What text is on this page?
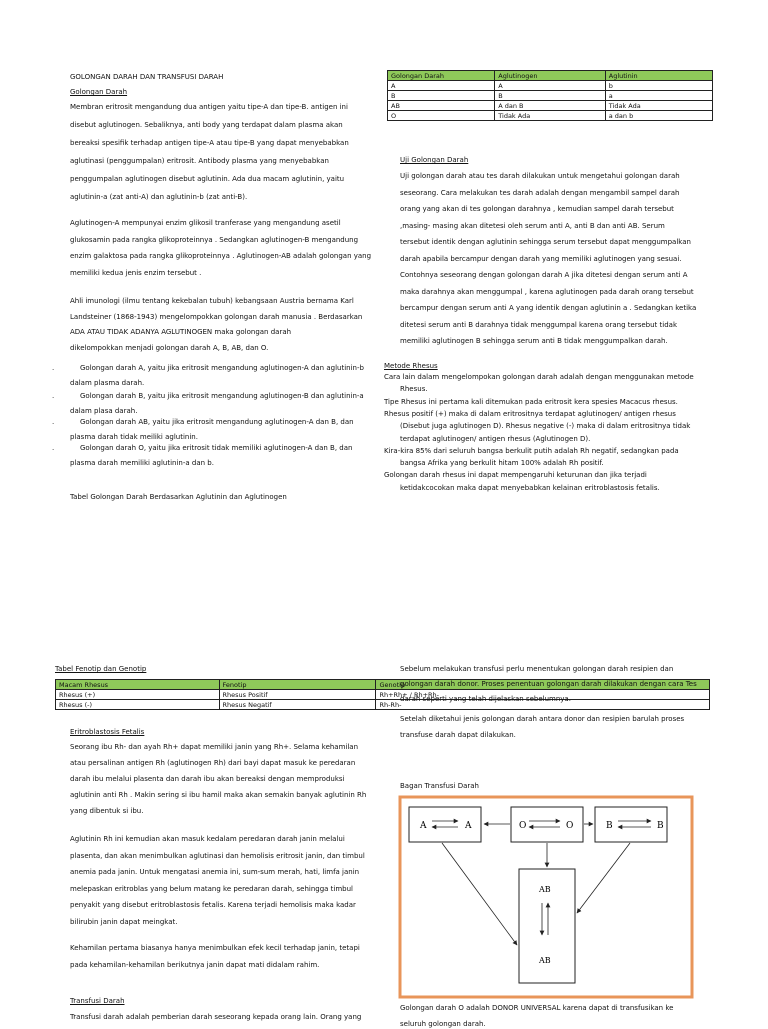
GOLONGAN DARAH DAN TRANSFUSI DARAH
Golongan Darah
Membran eritrosit mengandung dua antigen yaitu tipe-A dan tipe-B. antigen ini
disebut aglutinogen. Sebaliknya, anti body yang terdapat dalam plasma akan
bereaksi spesifik terhadap antigen tipe-A atau tipe-B yang dapat menyebabkan
aglutinasi (penggumpalan) eritrosit. Antibody plasma yang menyebabkan
penggumpalan aglutinogen disebut aglutinin. Ada dua macam aglutinin, yaitu
aglutinin-a (zat anti-A) dan aglutinin-b (zat anti-B).
Aglutinogen-A mempunyai enzim glikosil tranferase yang mengandung asetil
glukosamin pada rangka glikoproteinnya . Sedangkan aglutinogen-B mengandung
enzim galaktosa pada rangka glikoproteinnya . Aglutinogen-AB adalah golongan yang
memiliki kedua jenis enzim tersebut .
Ahli imunologi (ilmu tentang kekebalan tubuh) kebangsaan Austria bernama Karl
Landsteiner (1868-1943) mengelompokkan golongan darah manusia . Berdasarkan
ADA ATAU TIDAK ADANYA AGLUTINOGEN maka golongan darah
dikelompokkan menjadi golongan darah A, B, AB, dan O.
·	Golongan darah A, yaitu jika eritrosit mengandung aglutinogen-A dan aglutinin-b
dalam plasma darah.
·	Golongan darah B, yaitu jika eritrosit mengandung aglutinogen-B dan aglutinin-a
dalam plasa darah.
·	Golongan darah AB, yaitu jika eritrosit mengandung aglutinogen-A dan B, dan
plasma darah tidak meiliki aglutinin.
·	Golongan darah O, yaitu jika eritrosit tidak memiliki aglutinogen-A dan B, dan
plasma darah memiliki aglutinin-a dan b.
Tabel Golongan Darah Berdasarkan Aglutinin dan Aglutinogen
Golongan Darah	Aglutinogen	Aglutinin
A	A	b
B	B	a
AB	A dan B	Tidak Ada
O	Tidak Ada	a dan b
Uji Golongan Darah
Uji golongan darah atau tes darah dilakukan untuk mengetahui golongan darah
seseorang. Cara melakukan tes darah adalah dengan mengambil sampel darah
orang yang akan di tes golongan darahnya , kemudian sampel darah tersebut
,masing- masing akan ditetesi oleh serum anti A, anti B dan anti AB. Serum
tersebut identik dengan aglutinin sehingga serum tersebut dapat menggumpalkan
darah apabila bercampur dengan darah yang memiliki aglutinogen yang sesuai.
Contohnya seseorang dengan golongan darah A jika ditetesi dengan serum anti A
maka darahnya akan menggumpal , karena aglutinogen pada darah orang tersebut
bercampur dengan serum anti A yang identik dengan aglutinin a . Sedangkan ketika
ditetesi serum anti B darahnya tidak menggumpal karena orang tersebut tidak
memiliki aglutinogen B sehingga serum anti B tidak menggumpalkan darah.
Metode Rhesus
Cara lain dalam mengelompokan golongan darah adalah dengan menggunakan metode
Rhesus.
Tipe Rhesus ini pertama kali ditemukan pada eritrosit kera spesies Macacus rhesus.
Rhesus positif (+) maka di dalam eritrositnya terdapat aglutinogen/ antigen rhesus
(Disebut juga aglutinogen D). Rhesus negative (-) maka di dalam eritrositnya tidak
terdapat aglutinogen/ antigen rhesus (Aglutinogen D).
Kira-kira 85% dari seluruh bangsa berkulit putih adalah Rh negatif, sedangkan pada
bangsa Afrika yang berkulit hitam 100% adalah Rh positif.
Golongan darah rhesus ini dapat mempengaruhi keturunan dan jika terjadi
ketidakcocokan maka dapat menyebabkan kelainan eritroblastosis fetalis.
Tabel Fenotip dan Genotip
Macam Rhesus	Fenotip	Genotip
Rhesus (+)	Rhesus Positif	Rh+Rh+ / Rh+Rh-
Rhesus (-)	Rhesus Negatif	Rh-Rh-
Eritroblastosis Fetalis
Seorang ibu Rh- dan ayah Rh+ dapat memiliki janin yang Rh+. Selama kehamilan
atau persalinan antigen Rh (aglutinogen Rh) dari bayi dapat masuk ke peredaran
darah ibu melalui plasenta dan darah ibu akan bereaksi dengan memproduksi
aglutinin anti Rh . Makin sering si ibu hamil maka akan semakin banyak aglutinin Rh
yang dibentuk si ibu.
Aglutinin Rh ini kemudian akan masuk kedalam peredaran darah janin melalui
plasenta, dan akan menimbulkan aglutinasi dan hemolisis eritrosit janin, dan timbul
anemia pada janin. Untuk mengatasi anemia ini, sum-sum merah, hati, limfa janin
melepaskan eritroblas yang belum matang ke peredaran darah, sehingga timbul
penyakit yang disebut eritroblastosis fetalis. Karena terjadi hemolisis maka kadar
bilirubin janin dapat meingkat.
Kehamilan pertama biasanya hanya menimbulkan efek kecil terhadap janin, tetapi
pada kehamilan-kehamilan berikutnya janin dapat mati didalam rahim.
Transfusi Darah
Transfusi darah adalah pemberian darah seseorang kepada orang lain. Orang yang
Sebelum melakukan transfusi perlu menentukan golongan darah resipien dan
golongan darah donor. Proses penentuan golongan darah dilakukan dengan cara Tes
darah seperti yang telah dijelaskan sebelumnya.
Setelah diketahui jenis golongan darah antara donor dan resipien barulah proses
transfuse darah dapat dilakukan.
Bagan Transfusi Darah
A	A	O	O	B	B
AB
AB
Golongan darah O adalah DONOR UNIVERSAL karena dapat di transfusikan ke
seluruh golongan darah.
